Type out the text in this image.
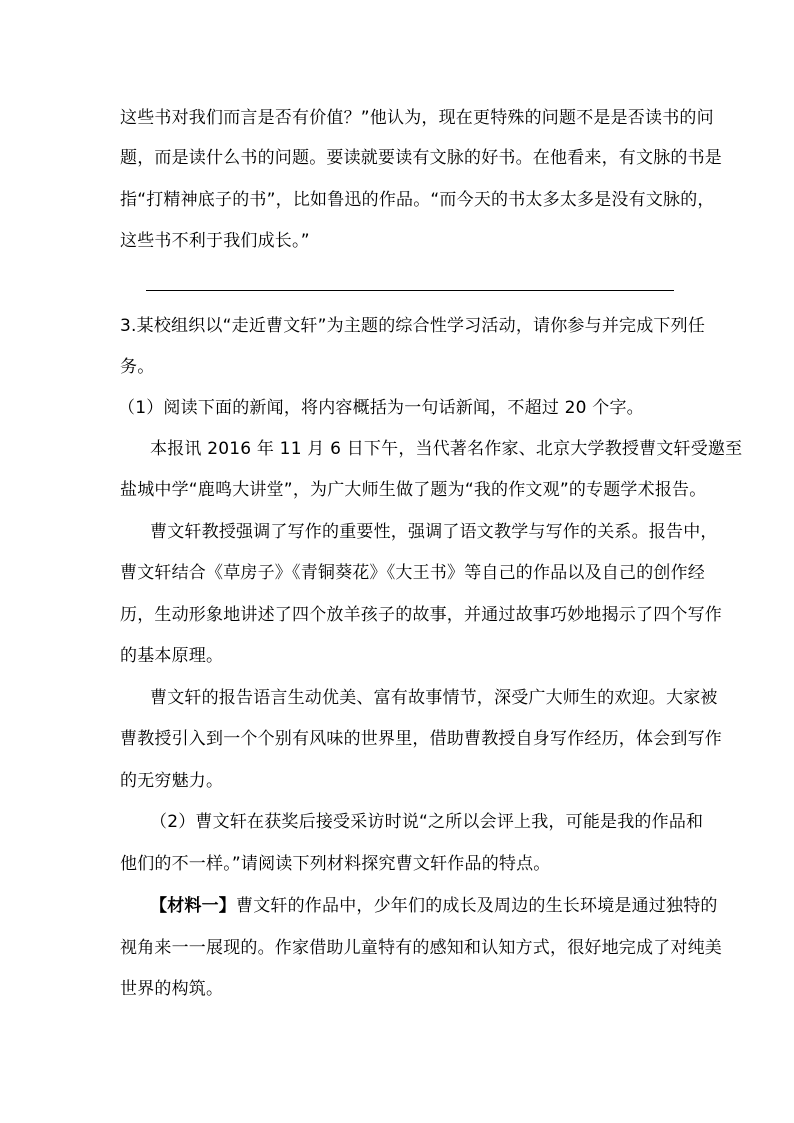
这些书对我们而言是否有价值？”他认为，现在更特殊的问题不是是否读书的问
题，而是读什么书的问题。要读就要读有文脉的好书。在他看来，有文脉的书是
指“打精神底子的书”，比如鲁迅的作品。“而今天的书太多太多是没有文脉的，
这些书不利于我们成长。”
3.某校组织以“走近曹文轩”为主题的综合性学习活动，请你参与并完成下列任
务。
（1）阅读下面的新闻，将内容概括为一句话新闻，不超过 20 个字。
本报讯 2016 年 11 月 6 日下午，当代著名作家、北京大学教授曹文轩受邀至
盐城中学“鹿鸣大讲堂”，为广大师生做了题为“我的作文观”的专题学术报告。
曹文轩教授强调了写作的重要性，强调了语文教学与写作的关系。报告中，
曹文轩结合《草房子》《青铜葵花》《大王书》等自己的作品以及自己的创作经
历，生动形象地讲述了四个放羊孩子的故事，并通过故事巧妙地揭示了四个写作
的基本原理。
曹文轩的报告语言生动优美、富有故事情节，深受广大师生的欢迎。大家被
曹教授引入到一个个别有风味的世界里，借助曹教授自身写作经历，体会到写作
的无穷魅力。
（2）曹文轩在获奖后接受采访时说“之所以会评上我，可能是我的作品和
他们的不一样。”请阅读下列材料探究曹文轩作品的特点。
【材料一】曹文轩的作品中，少年们的成长及周边的生长环境是通过独特的
视角来一一展现的。作家借助儿童特有的感知和认知方式，很好地完成了对纯美
世界的构筑。
